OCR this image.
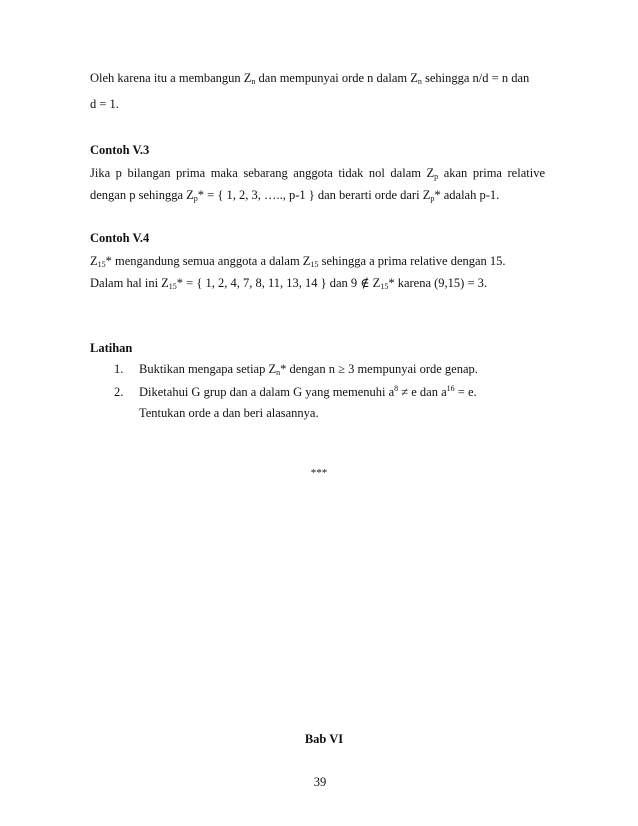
Oleh karena itu a membangun $Z_n$ dan mempunyai orde n dalam $Z_n$ sehingga n/d = n dan
d = 1.
Contoh V.3
Jika p bilangan prima maka sebarang anggota tidak nol dalam $Z_p$ akan prima relative
dengan p sehingga $Z_p*$ = { 1, 2, 3, ….., p-1 } dan berarti orde dari $Z_p*$ adalah p-1.
Contoh V.4
$Z_{15}*$ mengandung semua anggota a dalam $Z_{15}$ sehingga a prima relative dengan 15.
Dalam hal ini $Z_{15}*$ = { 1, 2, 4, 7, 8, 11, 13, 14 } dan 9 ∉ $Z_{15}*$ karena (9,15) = 3.
Latihan
1. Buktikan mengapa setiap $Z_n*$ dengan n ≥ 3 mempunyai orde genap.
2. Diketahui G grup dan a dalam G yang memenuhi $a^8 \ne e$ dan $a^{16} = e$.
Tentukan orde a dan beri alasannya.
***
Bab VI
39
